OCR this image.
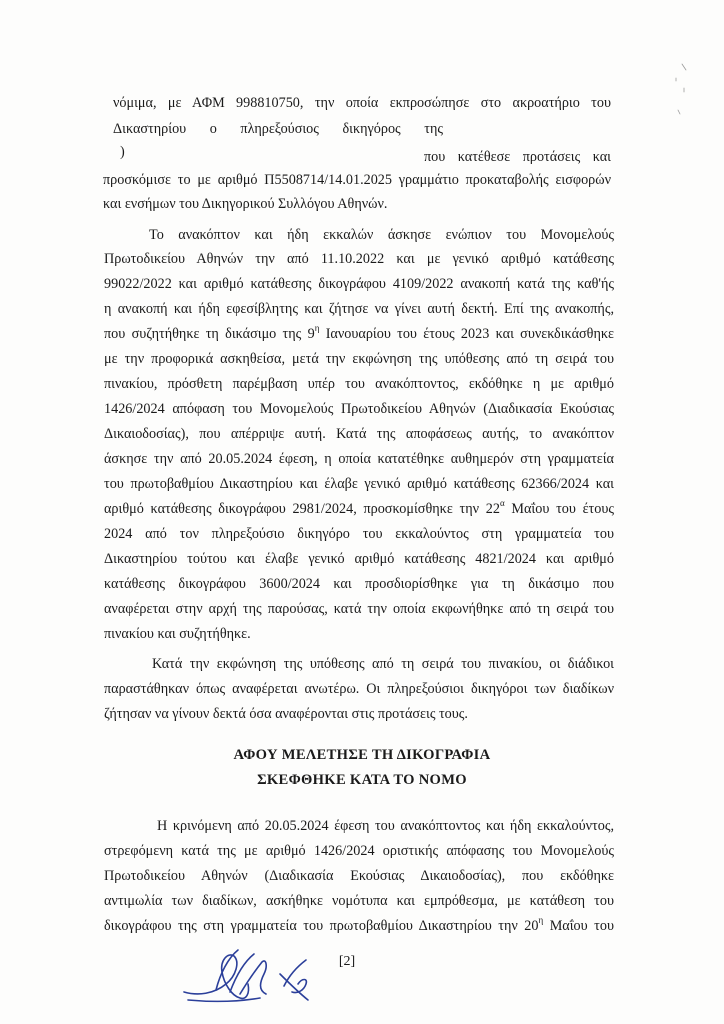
νόμιμα, με ΑΦΜ 998810750, την οποία εκπροσώπησε στο ακροατήριο του
Δικαστηρίου ο πληρεξούσιος δικηγόρος της
)	που κατέθεσε προτάσεις και
προσκόμισε το με αριθμό Π5508714/14.01.2025 γραμμάτιο προκαταβολής εισφορών
και ενσήμων του Δικηγορικού Συλλόγου Αθηνών.
Το ανακόπτον και ήδη εκκαλών άσκησε ενώπιον του Μονομελούς
Πρωτοδικείου Αθηνών την από 11.10.2022 και με γενικό αριθμό κατάθεσης
99022/2022 και αριθμό κατάθεσης δικογράφου 4109/2022 ανακοπή κατά της καθ'ής
η ανακοπή και ήδη εφεσίβλητης και ζήτησε να γίνει αυτή δεκτή. Επί της ανακοπής,
που συζητήθηκε τη δικάσιμο της $9^\eta$ Ιανουαρίου του έτους 2023 και συνεκδικάσθηκε
με την προφορικά ασκηθείσα, μετά την εκφώνηση της υπόθεσης από τη σειρά του
πινακίου, πρόσθετη παρέμβαση υπέρ του ανακόπτοντος, εκδόθηκε η με αριθμό
1426/2024 απόφαση του Μονομελούς Πρωτοδικείου Αθηνών (Διαδικασία Εκούσιας
Δικαιοδοσίας), που απέρριψε αυτή. Κατά της αποφάσεως αυτής, το ανακόπτον
άσκησε την από 20.05.2024 έφεση, η οποία κατατέθηκε αυθημερόν στη γραμματεία
του πρωτοβαθμίου Δικαστηρίου και έλαβε γενικό αριθμό κατάθεσης 62366/2024 και
αριθμό κατάθεσης δικογράφου 2981/2024, προσκομίσθηκε την $22^\alpha$ Μαΐου του έτους
2024 από τον πληρεξούσιο δικηγόρο του εκκαλούντος στη γραμματεία του
Δικαστηρίου τούτου και έλαβε γενικό αριθμό κατάθεσης 4821/2024 και αριθμό
κατάθεσης δικογράφου 3600/2024 και προσδιορίσθηκε για τη δικάσιμο που
αναφέρεται στην αρχή της παρούσας, κατά την οποία εκφωνήθηκε από τη σειρά του
πινακίου και συζητήθηκε.
Κατά την εκφώνηση της υπόθεσης από τη σειρά του πινακίου, οι διάδικοι
παραστάθηκαν όπως αναφέρεται ανωτέρω. Οι πληρεξούσιοι δικηγόροι των διαδίκων
ζήτησαν να γίνουν δεκτά όσα αναφέρονται στις προτάσεις τους.
Η κρινόμενη από 20.05.2024 έφεση του ανακόπτοντος και ήδη εκκαλούντος,
στρεφόμενη κατά της με αριθμό 1426/2024 οριστικής απόφασης του Μονομελούς
Πρωτοδικείου Αθηνών (Διαδικασία Εκούσιας Δικαιοδοσίας), που εκδόθηκε
αντιμωλία των διαδίκων, ασκήθηκε νομότυπα και εμπρόθεσμα, με κατάθεση του
δικογράφου της στη γραμματεία του πρωτοβαθμίου Δικαστηρίου την $20^\eta$ Μαΐου του
ΑΦΟΥ ΜΕΛΕΤΗΣΕ ΤΗ ΔΙΚΟΓΡΑΦΙΑ
ΣΚΕΦΘΗΚΕ ΚΑΤΑ ΤΟ ΝΟΜΟ
[2]
